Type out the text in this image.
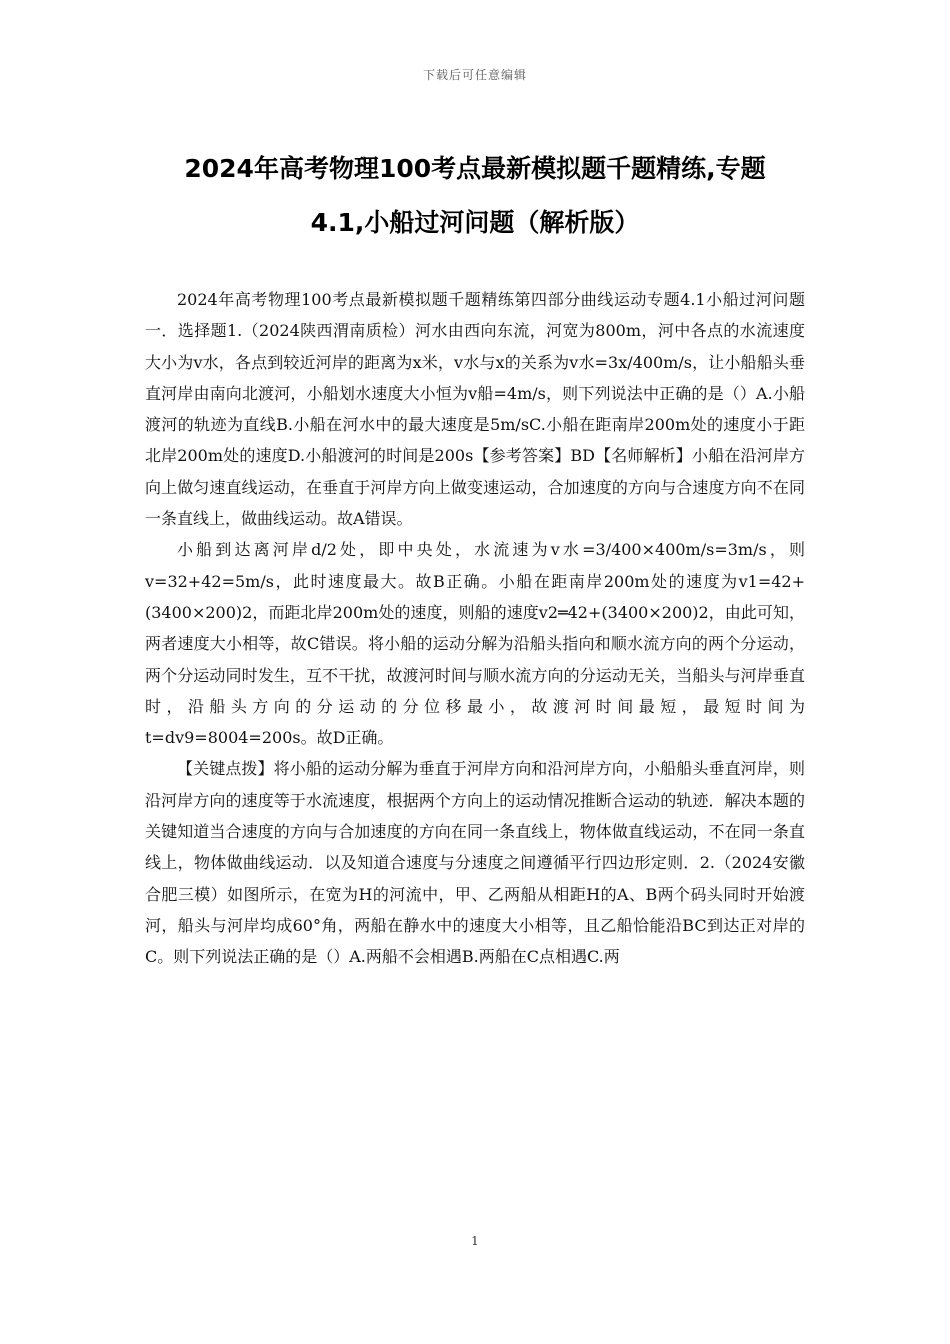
下载后可任意编辑
2024年高考物理100考点最新模拟题千题精练,专题
4.1,小船过河问题（解析版）

2024年高考物理100考点最新模拟题千题精练第四部分曲线运动专题4.1小船过河问题一．选择题1.（2024陕西渭南质检）河水由西向东流，河宽为800m，河中各点的水流速度大小为v水，各点到较近河岸的距离为x米，v水与x的关系为v水=3x/400m/s，让小船船头垂直河岸由南向北渡河，小船划水速度大小恒为v船=4m/s，则下列说法中正确的是（）A.小船渡河的轨迹为直线B.小船在河水中的最大速度是5m/sC.小船在距南岸200m处的速度小于距北岸200m处的速度D.小船渡河的时间是200s【参考答案】BD【名师解析】小船在沿河岸方向上做匀速直线运动，在垂直于河岸方向上做变速运动，合加速度的方向与合速度方向不在同一条直线上，做曲线运动。故A错误。

小船到达离河岸d/2处，即中央处，水流速为v水=3/400×400m/s=3m/s，则v=32+42=5m/s，此时速度最大。故B正确。小船在距南岸200m处的速度为v1=42+(3400×200)2，而距北岸200m处的速度，则船的速度v2═42+(3400×200)2，由此可知，两者速度大小相等，故C错误。将小船的运动分解为沿船头指向和顺水流方向的两个分运动，两个分运动同时发生，互不干扰，故渡河时间与顺水流方向的分运动无关，当船头与河岸垂直时，沿船头方向的分运动的分位移最小，故渡河时间最短，最短时间为t=dv9=8004=200s。故D正确。

【关键点拨】将小船的运动分解为垂直于河岸方向和沿河岸方向，小船船头垂直河岸，则沿河岸方向的速度等于水流速度，根据两个方向上的运动情况推断合运动的轨迹．解决本题的关键知道当合速度的方向与合加速度的方向在同一条直线上，物体做直线运动，不在同一条直线上，物体做曲线运动．以及知道合速度与分速度之间遵循平行四边形定则．2.（2024安徽合肥三模）如图所示，在宽为H的河流中，甲、乙两船从相距H的A、B两个码头同时开始渡河，船头与河岸均成60°角，两船在静水中的速度大小相等，且乙船恰能沿BC到达正对岸的C。则下列说法正确的是（）A.两船不会相遇B.两船在C点相遇C.两

1
